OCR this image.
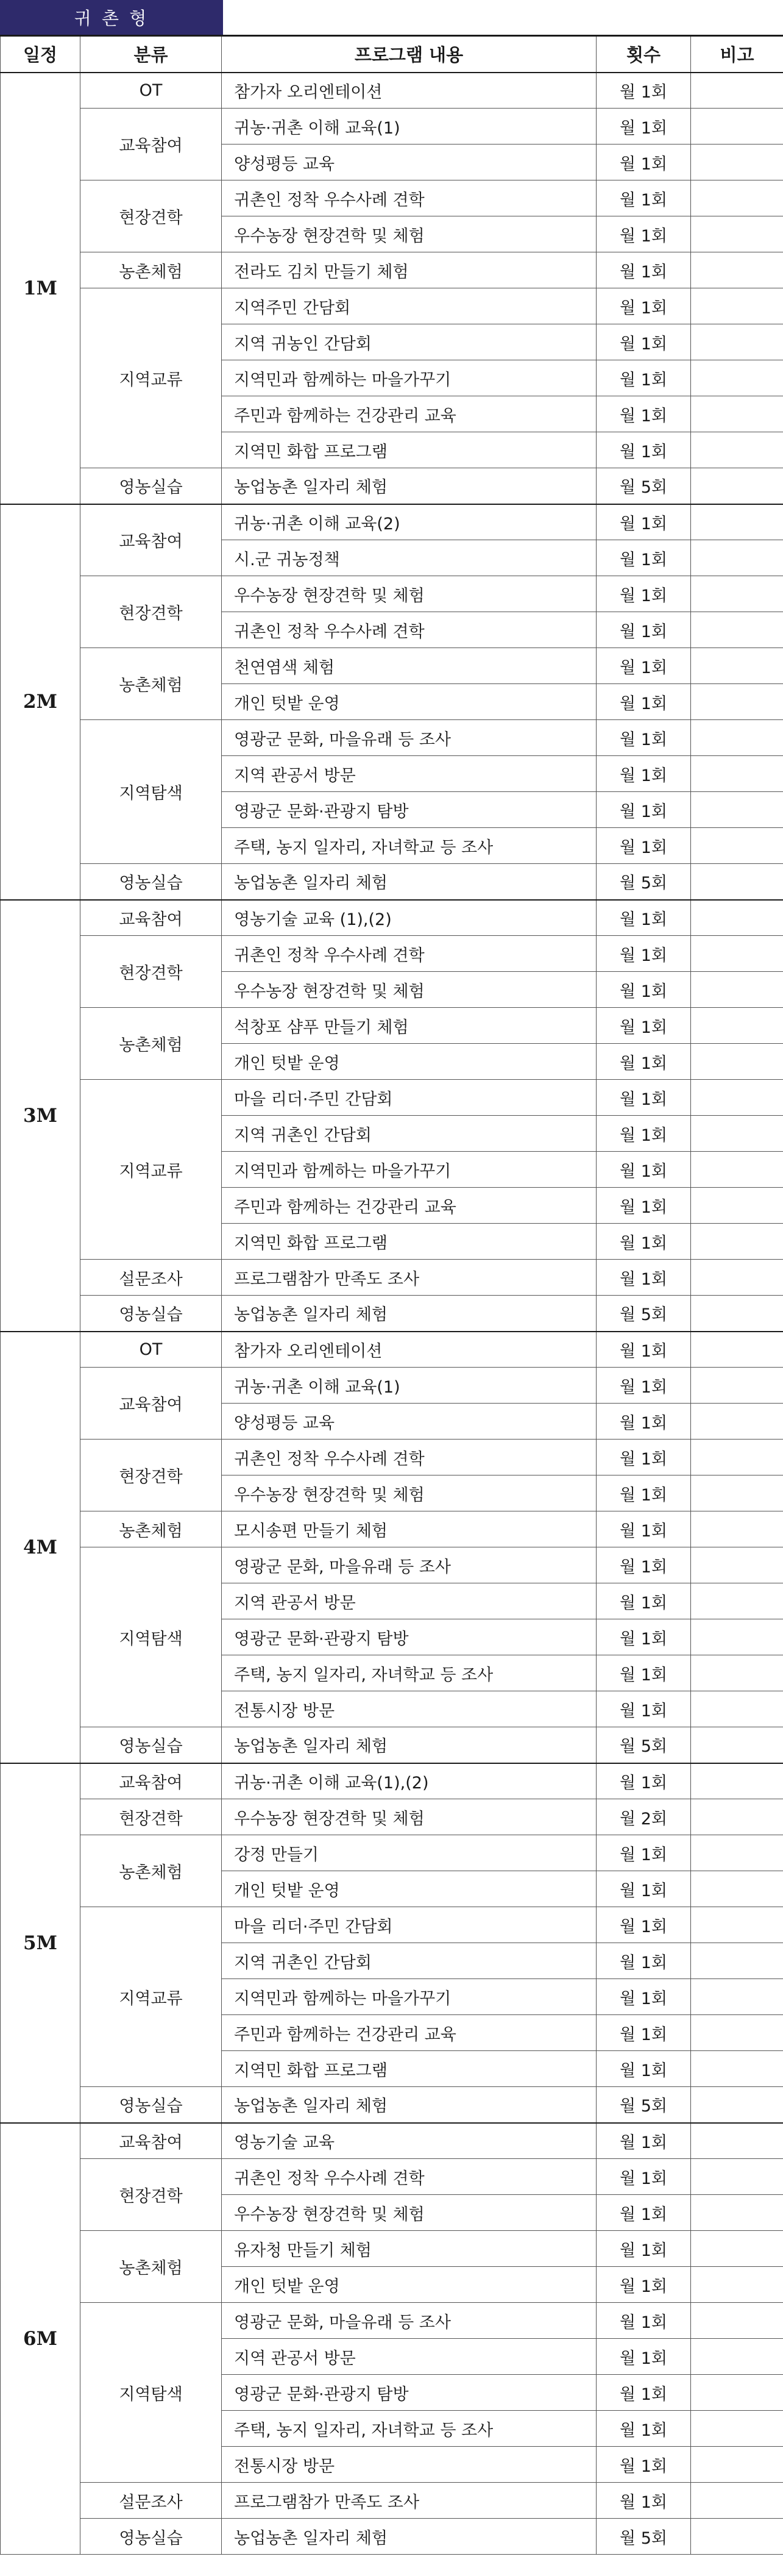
귀 촌 형
일정	분류	프로그램 내용	횟수	비고
1M	OT	참가자 오리엔테이션	월 1회	
	교육참여	귀농·귀촌 이해 교육(1)	월 1회	
		양성평등 교육	월 1회	
	현장견학	귀촌인 정착 우수사례 견학	월 1회	
		우수농장 현장견학 및 체험	월 1회	
	농촌체험	전라도 김치 만들기 체험	월 1회	
	지역교류	지역주민 간담회	월 1회	
		지역 귀농인 간담회	월 1회	
		지역민과 함께하는 마을가꾸기	월 1회	
		주민과 함께하는 건강관리 교육	월 1회	
		지역민 화합 프로그램	월 1회	
	영농실습	농업농촌 일자리 체험	월 5회	
2M	교육참여	귀농·귀촌 이해 교육(2)	월 1회	
		시.군 귀농정책	월 1회	
	현장견학	우수농장 현장견학 및 체험	월 1회	
		귀촌인 정착 우수사례 견학	월 1회	
	농촌체험	천연염색 체험	월 1회	
		개인 텃밭 운영	월 1회	
	지역탐색	영광군 문화, 마을유래 등 조사	월 1회	
		지역 관공서 방문	월 1회	
		영광군 문화·관광지 탐방	월 1회	
		주택, 농지 일자리, 자녀학교 등 조사	월 1회	
	영농실습	농업농촌 일자리 체험	월 5회	
3M	교육참여	영농기술 교육 (1),(2)	월 1회	
	현장견학	귀촌인 정착 우수사례 견학	월 1회	
		우수농장 현장견학 및 체험	월 1회	
	농촌체험	석창포 샴푸 만들기 체험	월 1회	
		개인 텃밭 운영	월 1회	
	지역교류	마을 리더·주민 간담회	월 1회	
		지역 귀촌인 간담회	월 1회	
		지역민과 함께하는 마을가꾸기	월 1회	
		주민과 함께하는 건강관리 교육	월 1회	
		지역민 화합 프로그램	월 1회	
	설문조사	프로그램참가 만족도 조사	월 1회	
	영농실습	농업농촌 일자리 체험	월 5회	
4M	OT	참가자 오리엔테이션	월 1회	
	교육참여	귀농·귀촌 이해 교육(1)	월 1회	
		양성평등 교육	월 1회	
	현장견학	귀촌인 정착 우수사례 견학	월 1회	
		우수농장 현장견학 및 체험	월 1회	
	농촌체험	모시송편 만들기 체험	월 1회	
	지역탐색	영광군 문화, 마을유래 등 조사	월 1회	
		지역 관공서 방문	월 1회	
		영광군 문화·관광지 탐방	월 1회	
		주택, 농지 일자리, 자녀학교 등 조사	월 1회	
		전통시장 방문	월 1회	
	영농실습	농업농촌 일자리 체험	월 5회	
5M	교육참여	귀농·귀촌 이해 교육(1),(2)	월 1회	
	현장견학	우수농장 현장견학 및 체험	월 2회	
	농촌체험	강정 만들기	월 1회	
		개인 텃밭 운영	월 1회	
	지역교류	마을 리더·주민 간담회	월 1회	
		지역 귀촌인 간담회	월 1회	
		지역민과 함께하는 마을가꾸기	월 1회	
		주민과 함께하는 건강관리 교육	월 1회	
		지역민 화합 프로그램	월 1회	
	영농실습	농업농촌 일자리 체험	월 5회	
6M	교육참여	영농기술 교육	월 1회	
	현장견학	귀촌인 정착 우수사례 견학	월 1회	
		우수농장 현장견학 및 체험	월 1회	
	농촌체험	유자청 만들기 체험	월 1회	
		개인 텃밭 운영	월 1회	
	지역탐색	영광군 문화, 마을유래 등 조사	월 1회	
		지역 관공서 방문	월 1회	
		영광군 문화·관광지 탐방	월 1회	
		주택, 농지 일자리, 자녀학교 등 조사	월 1회	
		전통시장 방문	월 1회	
	설문조사	프로그램참가 만족도 조사	월 1회	
	영농실습	농업농촌 일자리 체험	월 5회	
